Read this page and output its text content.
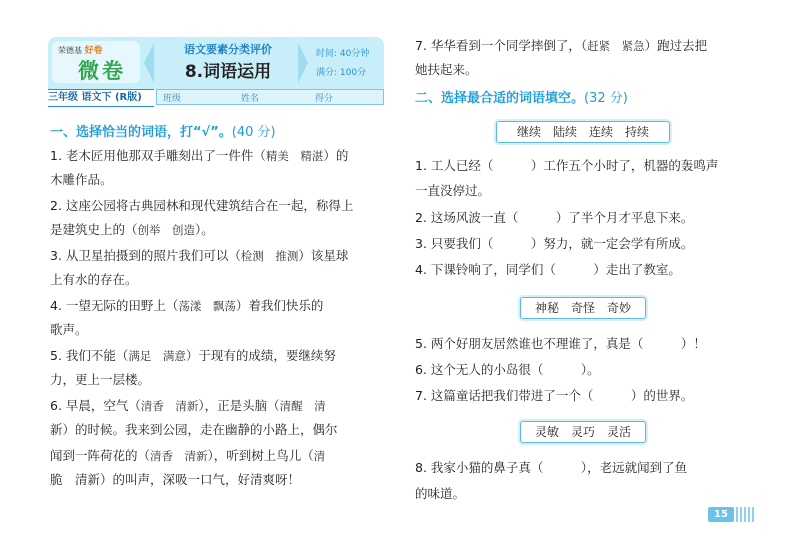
荣德基 好卷
微卷
语文要素分类评价
8.词语运用
时间: 40分钟
满分: 100分
三年级 语文下 (R版)	班级	姓名	得分
一、选择恰当的词语，打“√”。(40 分)
1. 老木匠用他那双手雕刻出了一件件（精美　精湛）的
木雕作品。
2. 这座公园将古典园林和现代建筑结合在一起，称得上
是建筑史上的（创举　创造）。
3. 从卫星拍摄到的照片我们可以（检测　推测）该星球
上有水的存在。
4. 一望无际的田野上（荡漾　飘荡）着我们快乐的
歌声。
5. 我们不能（满足　满意）于现有的成绩，要继续努
力，更上一层楼。
6. 早晨，空气（清香　清新），正是头脑（清醒　清
新）的时候。我来到公园，走在幽静的小路上，偶尔
闻到一阵荷花的（清香　清新），听到树上鸟儿（清
脆　清新）的叫声，深吸一口气，好清爽呀！
7. 华华看到一个同学摔倒了，（赶紧　紧急）跑过去把
她扶起来。
二、选择最合适的词语填空。(32 分)
继续　陆续　连续　持续
神秘　奇怪　奇妙
灵敏　灵巧　灵活
1. 工人已经（　　　）工作五个小时了，机器的轰鸣声
一直没停过。
2. 这场风波一直（　　　）了半个月才平息下来。
3. 只要我们（　　　）努力，就一定会学有所成。
4. 下课铃响了，同学们（　　　）走出了教室。
5. 两个好朋友居然谁也不理谁了，真是（　　　）！
6. 这个无人的小岛很（　　　）。
7. 这篇童话把我们带进了一个（　　　）的世界。
8. 我家小猫的鼻子真（　　　），老远就闻到了鱼
的味道。
15
